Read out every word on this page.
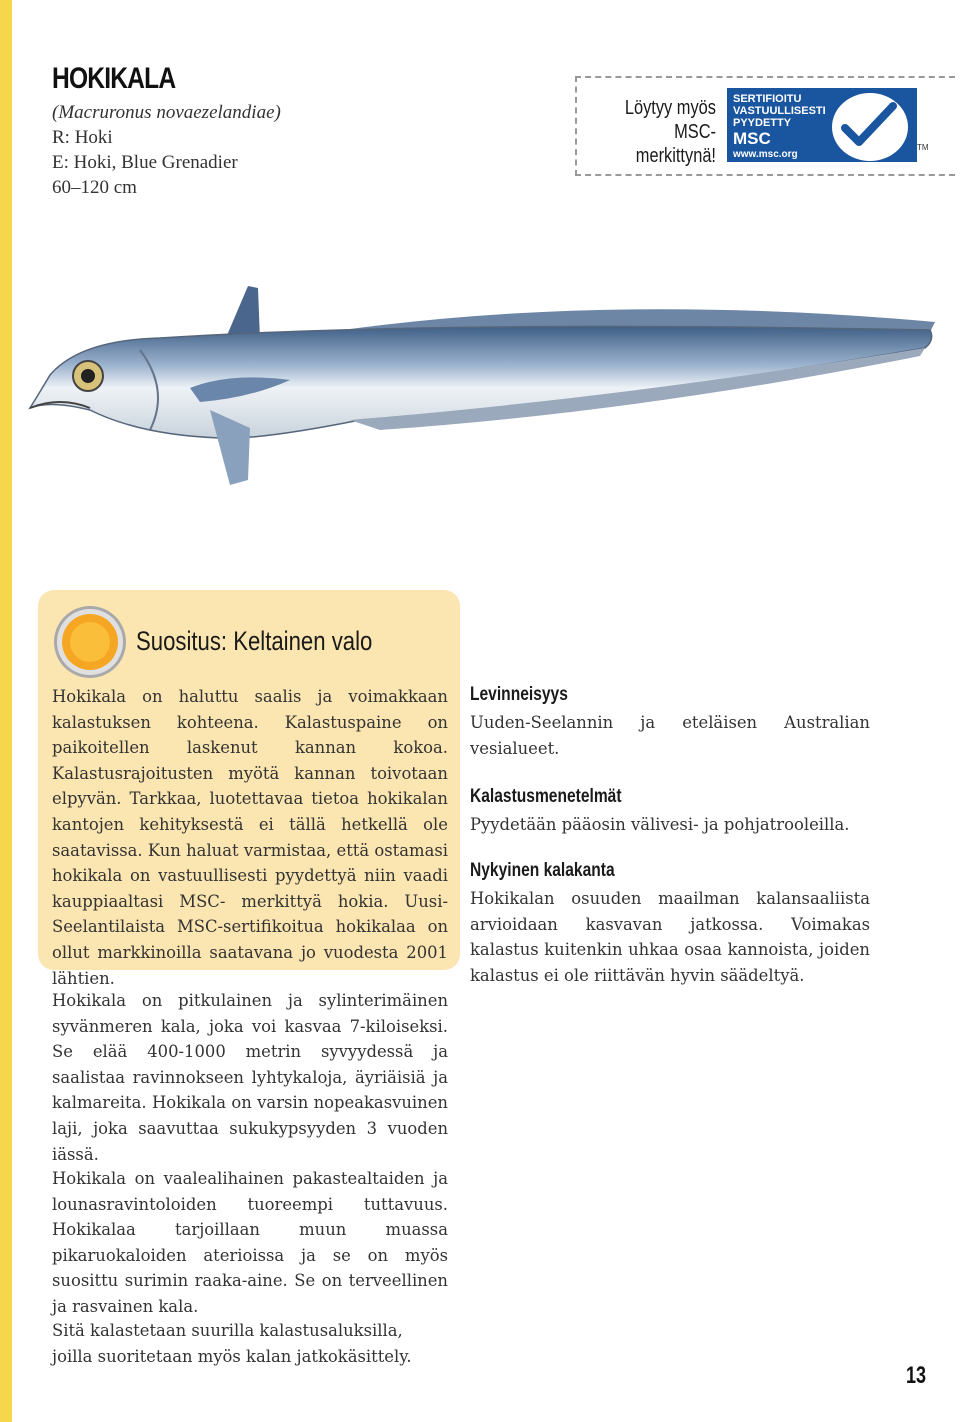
HOKIKALA
(Macruronus novaezelandiae)
R: Hoki
E: Hoki, Blue Grenadier
60–120 cm
Löytyy myös
MSC-merkittynä!
SERTIFIOITU
VASTUULLISESTI
PYYDETTY
MSC
www.msc.org
TM
Suositus: Keltainen valo
Hokikala on haluttu saalis ja voimakkaan kalastuksen kohteena. Kalastuspaine on paikoitellen laskenut kannan kokoa. Kalastusrajoitusten myötä kannan toivotaan elpyvän. Tarkkaa, luotettavaa tietoa hokikalan kantojen kehityksestä ei tällä hetkellä ole saatavissa. Kun haluat varmistaa, että ostamasi hokikala on vastuullisesti pyydettyä niin vaadi kauppiaaltasi MSC- merkittyä hokia. Uusi-Seelantilaista MSC-sertifikoitua hokikalaa on ollut markkinoilla saatavana jo vuodesta 2001 lähtien.
Hokikala on pitkulainen ja sylinterimäinen syvänmeren kala, joka voi kasvaa 7-kiloiseksi. Se elää 400-1000 metrin syvyydessä ja saalistaa ravinnokseen lyhtykaloja, äyriäisiä ja kalmareita. Hokikala on varsin nopeakasvuinen laji, joka saavuttaa sukukypsyyden 3 vuoden iässä.
Hokikala on vaalealihainen pakastealtaiden ja lounasravintoloiden tuoreempi tuttavuus. Hokikalaa tarjoillaan muun muassa pikaruokaloiden aterioissa ja se on myös suosittu surimin raaka-aine. Se on terveellinen ja rasvainen kala.
Sitä kalastetaan suurilla kalastusaluksilla, joilla suoritetaan myös kalan jatkokäsittely.
Levinneisyys
Uuden-Seelannin ja eteläisen Australian vesialueet.
Kalastusmenetelmät
Pyydetään pääosin välivesi- ja pohjatrooleilla.
Nykyinen kalakanta
Hokikalan osuuden maailman kalansaaliista arvioidaan kasvavan jatkossa. Voimakas kalastus kuitenkin uhkaa osaa kannoista, joiden kalastus ei ole riittävän hyvin säädeltyä.
13
